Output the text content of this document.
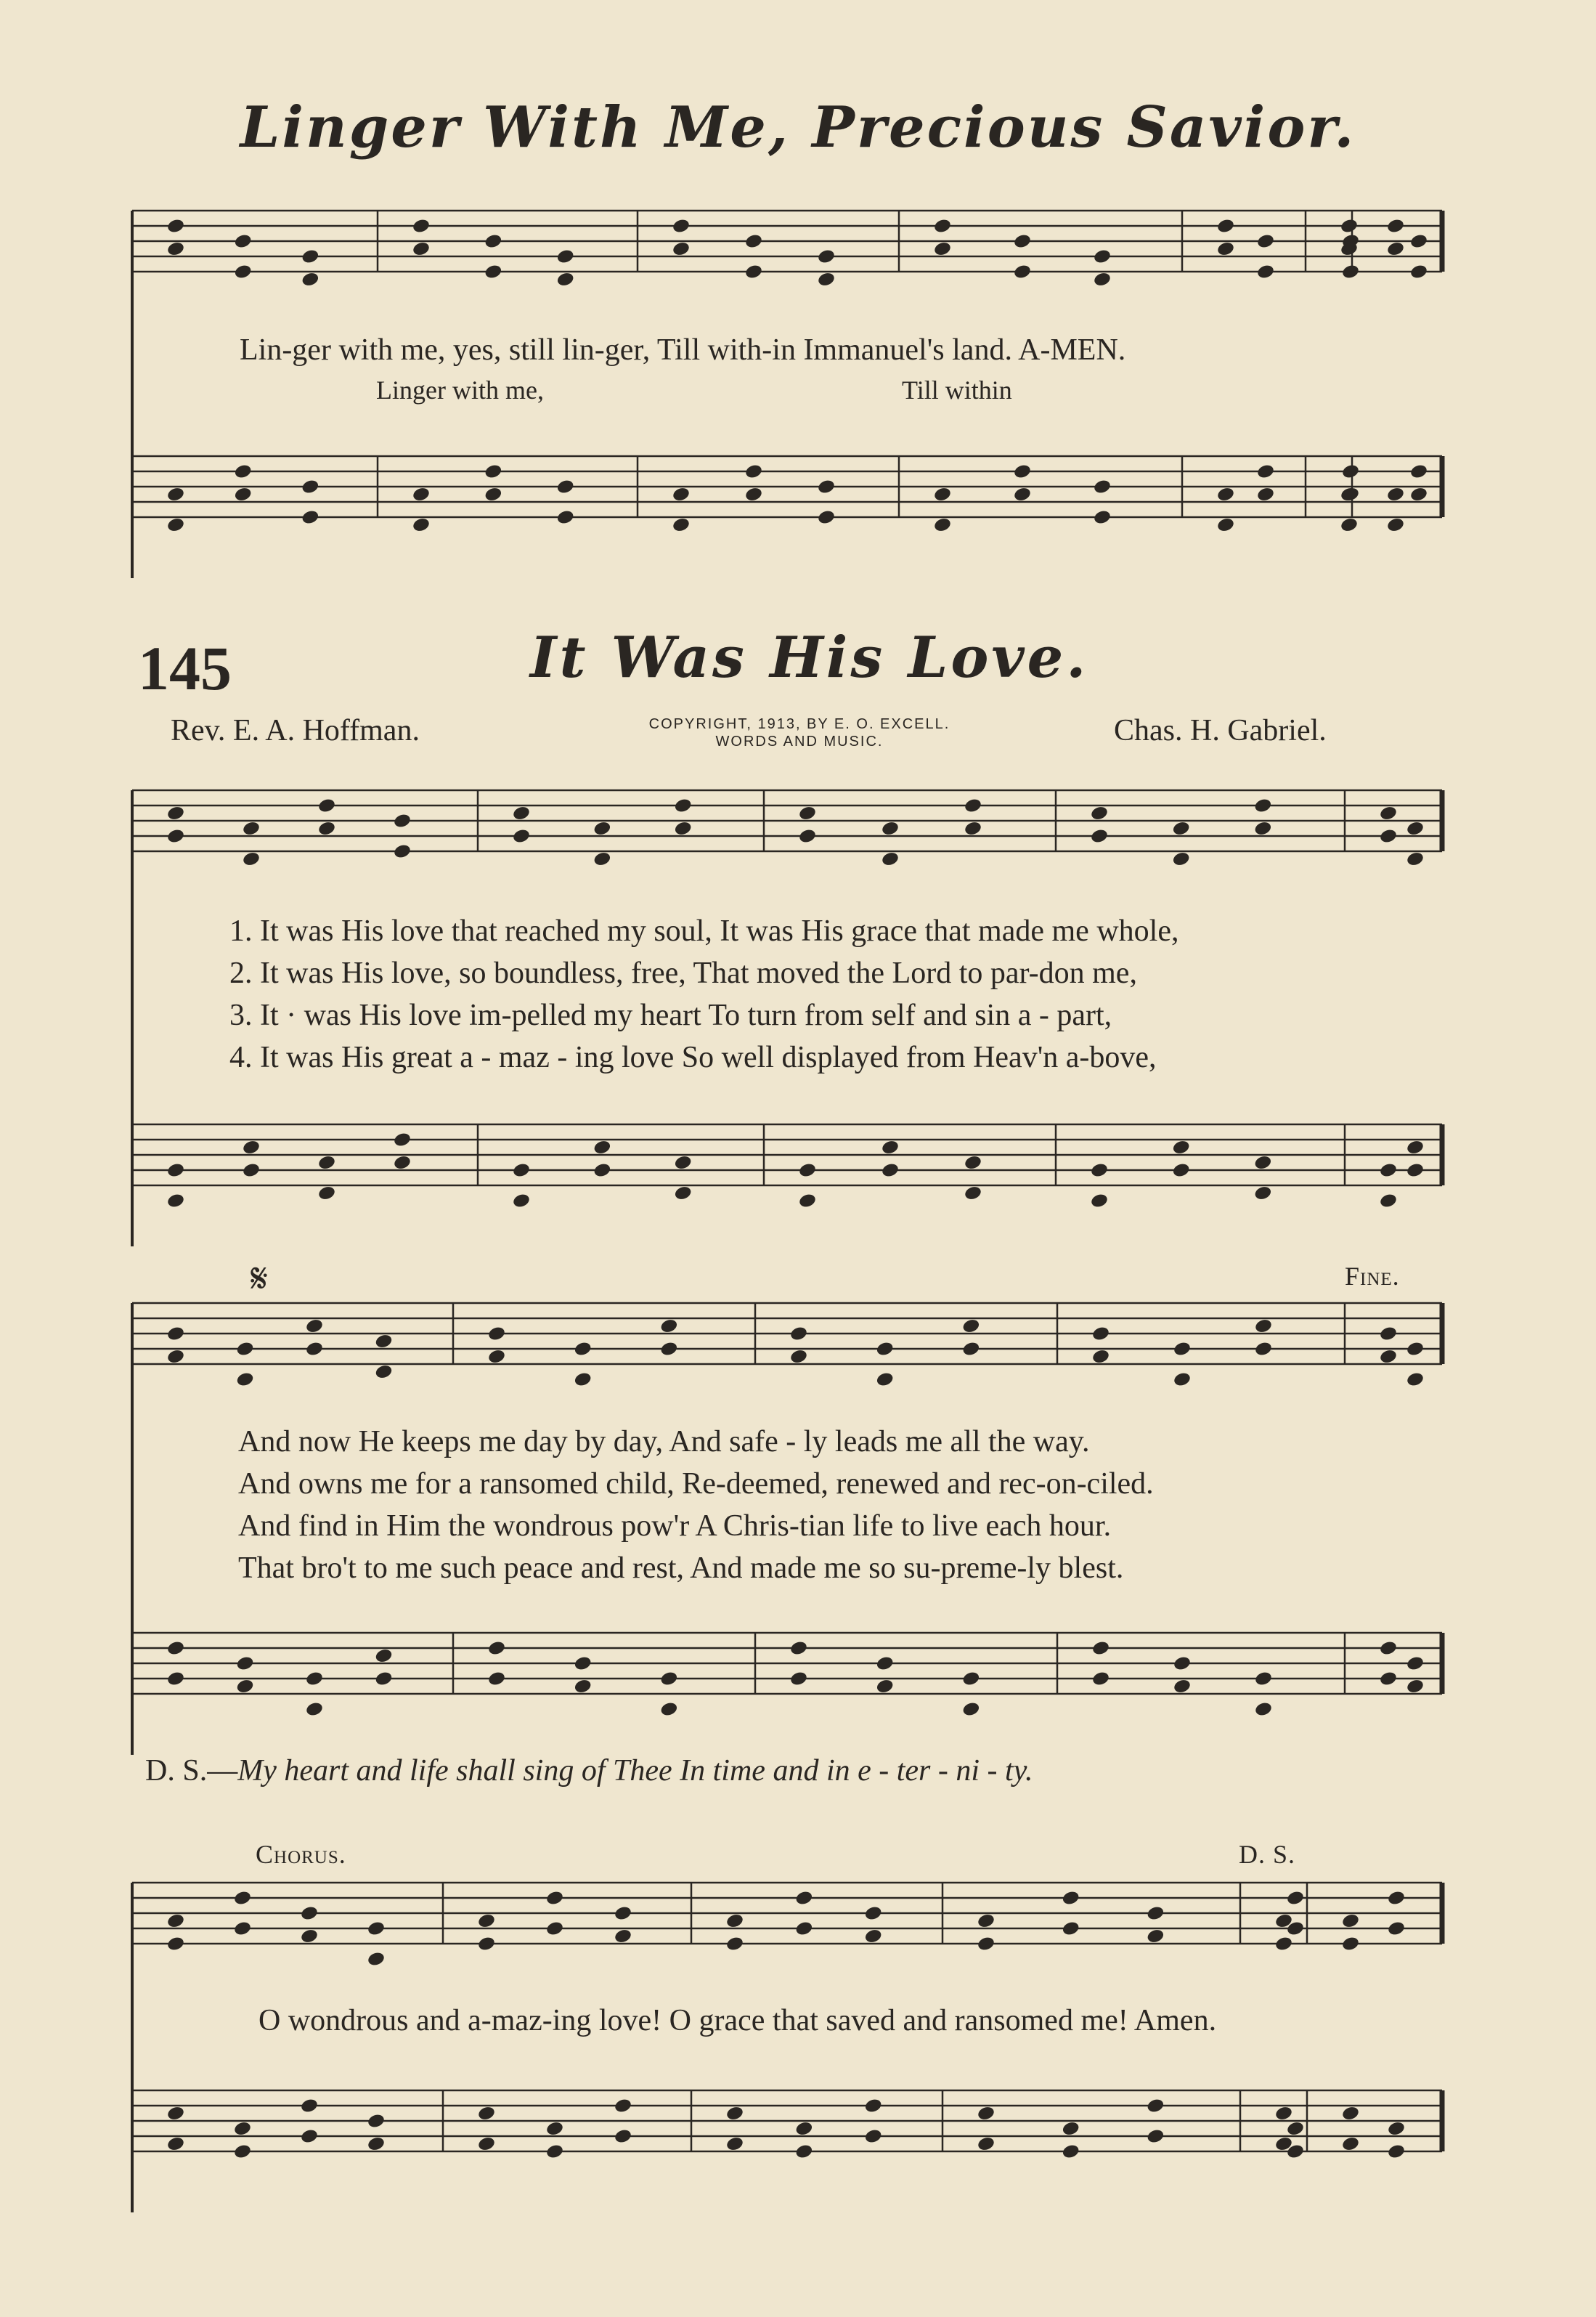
Linger With Me, Precious Savior.
Lin-ger with me, yes, still lin-ger, Till with-in Immanuel's land. A-MEN.
Linger with me,	Till within
145	It Was His Love.
Rev. E. A. Hoffman.	COPYRIGHT, 1913, BY E. O. EXCELL.
WORDS AND MUSIC.	Chas. H. Gabriel.
1. It was His love that reached my soul, It was His grace that made me whole,
2. It was His love, so boundless, free, That moved the Lord to par-don me,
3. It · was His love im-pelled my heart To turn from self and sin a - part,
4. It was His great a - maz - ing love So well displayed from Heav'n a-bove,
𝄋	Fine.
And now He keeps me day by day, And safe - ly leads me all the way.
And owns me for a ransomed child, Re-deemed, renewed and rec-on-ciled.
And find in Him the wondrous pow'r A Chris-tian life to live each hour.
That bro't to me such peace and rest, And made me so su-preme-ly blest.
D. S.—My heart and life shall sing of Thee In time and in e - ter - ni - ty.
Chorus.	D. S.
O wondrous and a-maz-ing love! O grace that saved and ransomed me! Amen.
